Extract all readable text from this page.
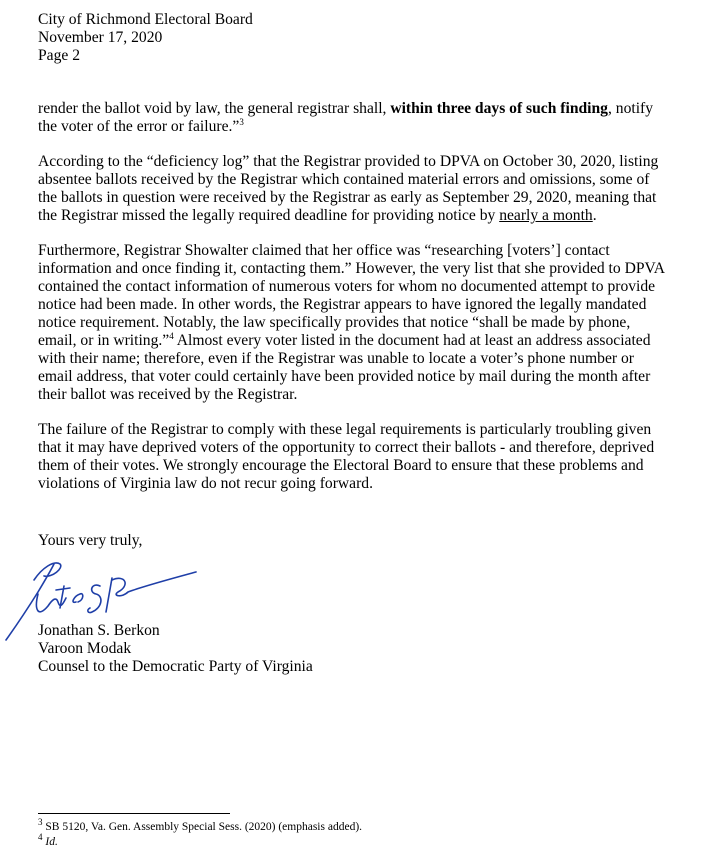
City of Richmond Electoral Board
November 17, 2020
Page 2

render the ballot void by law, the general registrar shall, within three days of such finding, notify the voter of the error or failure.”$^3$

According to the “deficiency log” that the Registrar provided to DPVA on October 30, 2020, listing absentee ballots received by the Registrar which contained material errors and omissions, some of the ballots in question were received by the Registrar as early as September 29, 2020, meaning that the Registrar missed the legally required deadline for providing notice by nearly a month.

Furthermore, Registrar Showalter claimed that her office was “researching [voters’] contact information and once finding it, contacting them.” However, the very list that she provided to DPVA contained the contact information of numerous voters for whom no documented attempt to provide notice had been made. In other words, the Registrar appears to have ignored the legally mandated notice requirement. Notably, the law specifically provides that notice “shall be made by phone, email, or in writing.”$^4$ Almost every voter listed in the document had at least an address associated with their name; therefore, even if the Registrar was unable to locate a voter’s phone number or email address, that voter could certainly have been provided notice by mail during the month after their ballot was received by the Registrar.

The failure of the Registrar to comply with these legal requirements is particularly troubling given that it may have deprived voters of the opportunity to correct their ballots - and therefore, deprived them of their votes. We strongly encourage the Electoral Board to ensure that these problems and violations of Virginia law do not recur going forward.

Yours very truly,
Jonathan S. Berkon
Varoon Modak
Counsel to the Democratic Party of Virginia
$^3$ SB 5120, Va. Gen. Assembly Special Sess. (2020) (emphasis added).
$^4$ Id.
